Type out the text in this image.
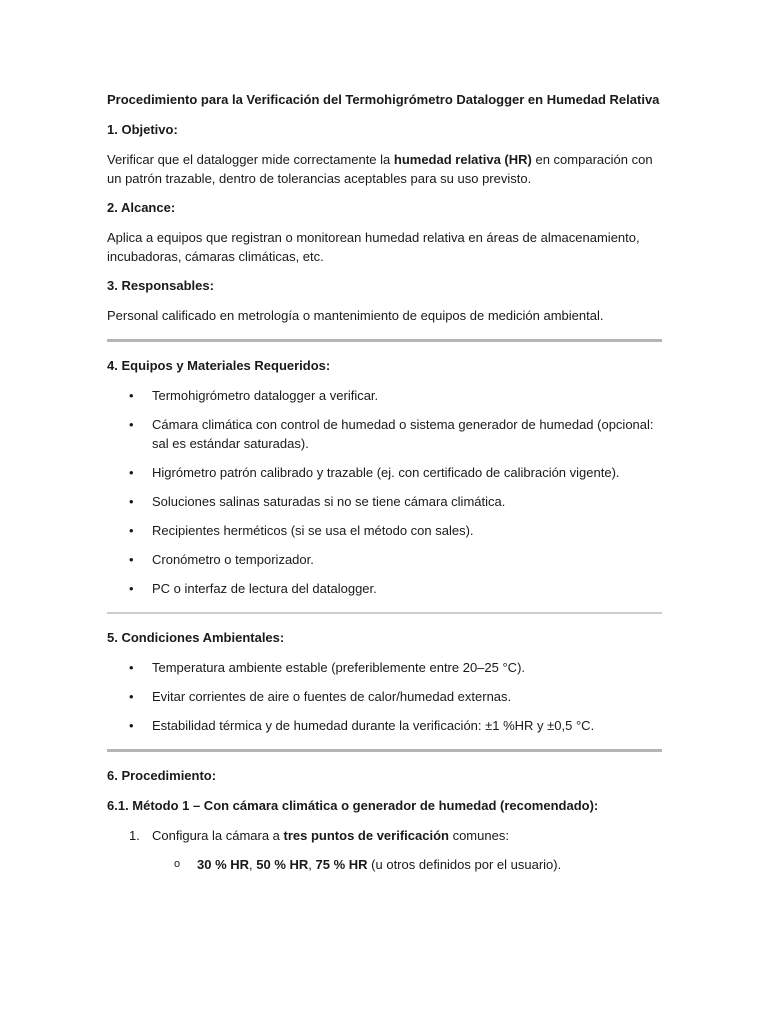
Procedimiento para la Verificación del Termohigrómetro Datalogger en Humedad Relativa

1. Objetivo:

Verificar que el datalogger mide correctamente la humedad relativa (HR) en comparación con un patrón trazable, dentro de tolerancias aceptables para su uso previsto.

2. Alcance:

Aplica a equipos que registran o monitorean humedad relativa en áreas de almacenamiento, incubadoras, cámaras climáticas, etc.

3. Responsables:

Personal calificado en metrología o mantenimiento de equipos de medición ambiental.

4. Equipos y Materiales Requeridos:

• Termohigrómetro datalogger a verificar.
• Cámara climática con control de humedad o sistema generador de humedad (opcional: sal es estándar saturadas).
• Higrómetro patrón calibrado y trazable (ej. con certificado de calibración vigente).
• Soluciones salinas saturadas si no se tiene cámara climática.
• Recipientes herméticos (si se usa el método con sales).
• Cronómetro o temporizador.
• PC o interfaz de lectura del datalogger.

5. Condiciones Ambientales:

• Temperatura ambiente estable (preferiblemente entre 20–25 °C).
• Evitar corrientes de aire o fuentes de calor/humedad externas.
• Estabilidad térmica y de humedad durante la verificación: ±1 %HR y ±0,5 °C.

6. Procedimiento:

6.1. Método 1 – Con cámara climática o generador de humedad (recomendado):

1. Configura la cámara a tres puntos de verificación comunes:
o 30 % HR, 50 % HR, 75 % HR (u otros definidos por el usuario).
